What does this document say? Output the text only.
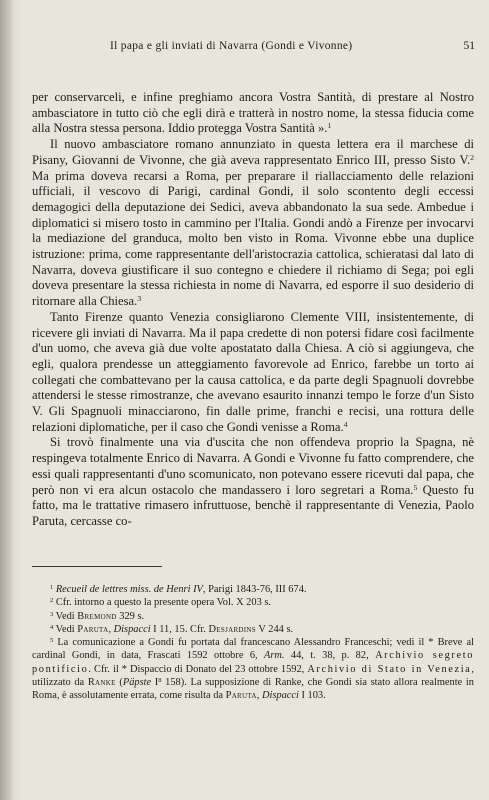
Il papa e gli inviati di Navarra (Gondi e Vivonne)	51

per conservarceli, e infine preghiamo ancora Vostra Santità, di prestare al Nostro ambasciatore in tutto ciò che egli dirà e tratterà in nostro nome, la stessa fiducia come alla Nostra stessa persona. Iddio protegga Vostra Santità ».$^1$

Il nuovo ambasciatore romano annunziato in questa lettera era il marchese di Pisany, Giovanni de Vivonne, che già aveva rappresentato Enrico III, presso Sisto V.$^2$ Ma prima doveva recarsi a Roma, per preparare il riallacciamento delle relazioni ufficiali, il vescovo di Parigi, cardinal Gondi, il solo scontento degli eccessi demagogici della deputazione dei Sedici, aveva abbandonato la sua sede. Ambedue i diplomatici si misero tosto in cammino per l'Italia. Gondi andò a Firenze per invocarvi la mediazione del granduca, molto ben visto in Roma. Vivonne ebbe una duplice istruzione: prima, come rappresentante dell'aristocrazia cattolica, schieratasi dal lato di Navarra, doveva giustificare il suo contegno e chiedere il richiamo di Sega; poi egli doveva presentare la stessa richiesta in nome di Navarra, ed esporre il suo desiderio di ritornare alla Chiesa.$^3$

Tanto Firenze quanto Venezia consigliarono Clemente VIII, insistentemente, di ricevere gli inviati di Navarra. Ma il papa credette di non potersi fidare così facilmente d'un uomo, che aveva già due volte apostatato dalla Chiesa. A ciò si aggiungeva, che egli, qualora prendesse un atteggiamento favorevole ad Enrico, farebbe un torto ai collegati che combattevano per la causa cattolica, e da parte degli Spagnuoli dovrebbe attendersi le stesse rimostranze, che avevano esaurito innanzi tempo le forze d'un Sisto V. Gli Spagnuoli minacciarono, fin dalle prime, franchi e recisi, una rottura delle relazioni diplomatiche, per il caso che Gondi venisse a Roma.$^4$

Si trovò finalmente una via d'uscita che non offendeva proprio la Spagna, nè respingeva totalmente Enrico di Navarra. A Gondi e Vivonne fu fatto comprendere, che essi quali rappresentanti d'uno scomunicato, non potevano essere ricevuti dal papa, che però non vi era alcun ostacolo che mandassero i loro segretari a Roma.$^5$ Questo fu fatto, ma le trattative rimasero infruttuose, benchè il rappresentante di Venezia, Paolo Paruta, cercasse co-

$^1$ Recueil de lettres miss. de Henri IV, Parigi 1843-76, III 674.

$^2$ Cfr. intorno a questo la presente opera Vol. X 203 s.

$^3$ Vedi Bremond 329 s.

$^4$ Vedi Paruta, Dispacci I 11, 15. Cfr. Desjardins V 244 s.

$^5$ La comunicazione a Gondi fu portata dal francescano Alessandro Franceschi; vedi il * Breve al cardinal Gondi, in data, Frascati 1592 ottobre 6, Arm. 44, t. 38, p. 82, Archivio segreto pontificio. Cfr. il * Dispaccio di Donato del 23 ottobre 1592, Archivio di Stato in Venezia, utilizzato da Ranke (Päpste $I^8$ 158). La supposizione di Ranke, che Gondi sia stato allora realmente in Roma, è assolutamente errata, come risulta da Paruta, Dispacci I 103.
